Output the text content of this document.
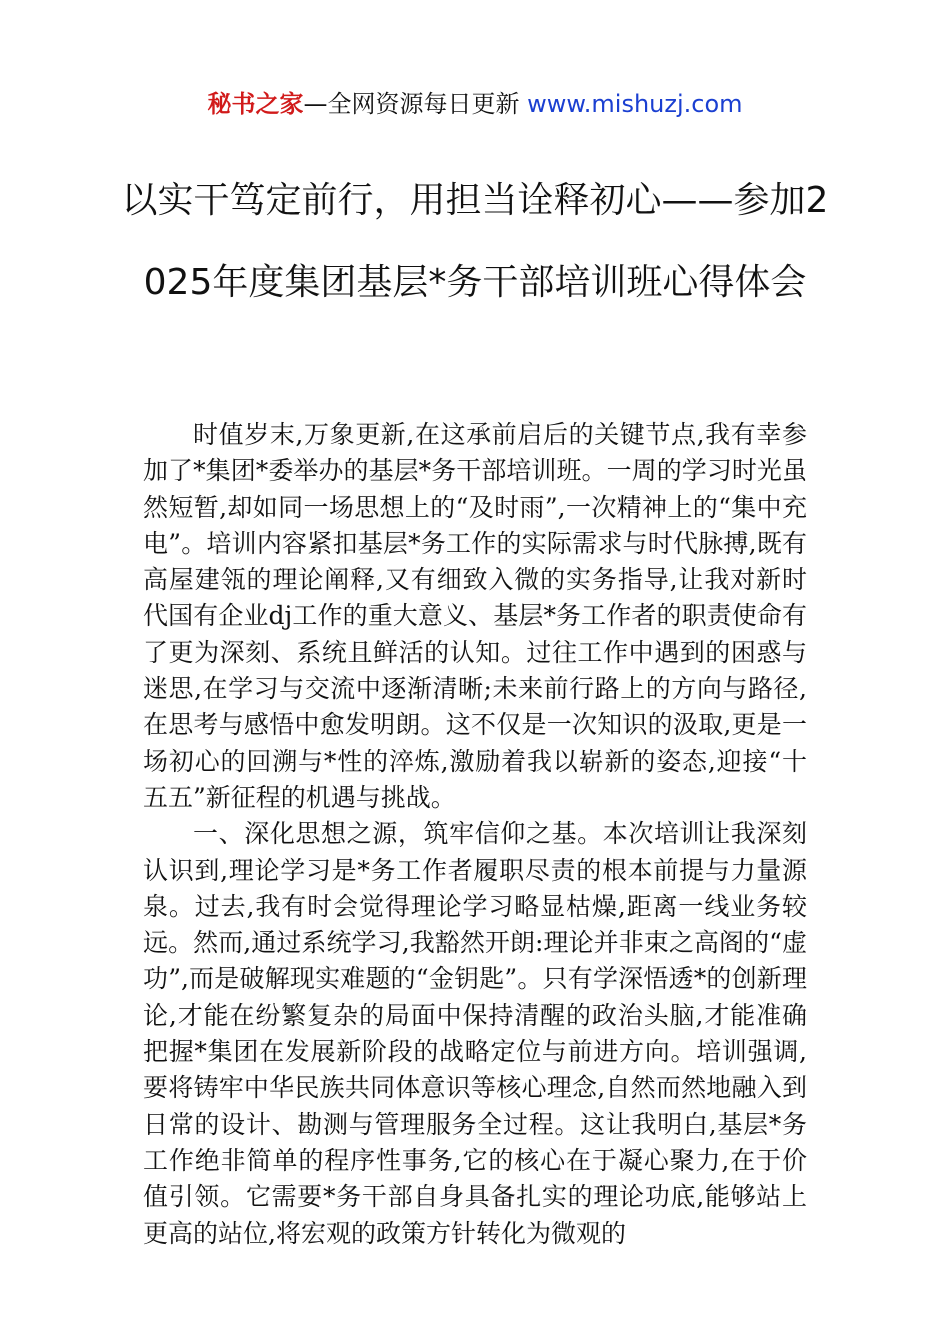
秘书之家—全网资源每日更新 www.mishuzj.com
以实干笃定前行，用担当诠释初心——参加2025年度集团基层*务干部培训班心得体会

时值岁末,万象更新,在这承前启后的关键节点,我有幸参加了*集团*委举办的基层*务干部培训班。一周的学习时光虽然短暂,却如同一场思想上的“及时雨”,一次精神上的“集中充电”。培训内容紧扣基层*务工作的实际需求与时代脉搏,既有高屋建瓴的理论阐释,又有细致入微的实务指导,让我对新时代国有企业dj工作的重大意义、基层*务工作者的职责使命有了更为深刻、系统且鲜活的认知。过往工作中遇到的困惑与迷思,在学习与交流中逐渐清晰;未来前行路上的方向与路径,在思考与感悟中愈发明朗。这不仅是一次知识的汲取,更是一场初心的回溯与*性的淬炼,激励着我以崭新的姿态,迎接“十五五”新征程的机遇与挑战。

一、深化思想之源，筑牢信仰之基。本次培训让我深刻认识到,理论学习是*务工作者履职尽责的根本前提与力量源泉。过去,我有时会觉得理论学习略显枯燥,距离一线业务较远。然而,通过系统学习,我豁然开朗:理论并非束之高阁的“虚功”,而是破解现实难题的“金钥匙”。只有学深悟透*的创新理论,才能在纷繁复杂的局面中保持清醒的政治头脑,才能准确把握*集团在发展新阶段的战略定位与前进方向。培训强调,要将铸牢中华民族共同体意识等核心理念,自然而然地融入到日常的设计、勘测与管理服务全过程。这让我明白,基层*务工作绝非简单的程序性事务,它的核心在于凝心聚力,在于价值引领。它需要*务干部自身具备扎实的理论功底,能够站上更高的站位,将宏观的政策方针转化为微观的
